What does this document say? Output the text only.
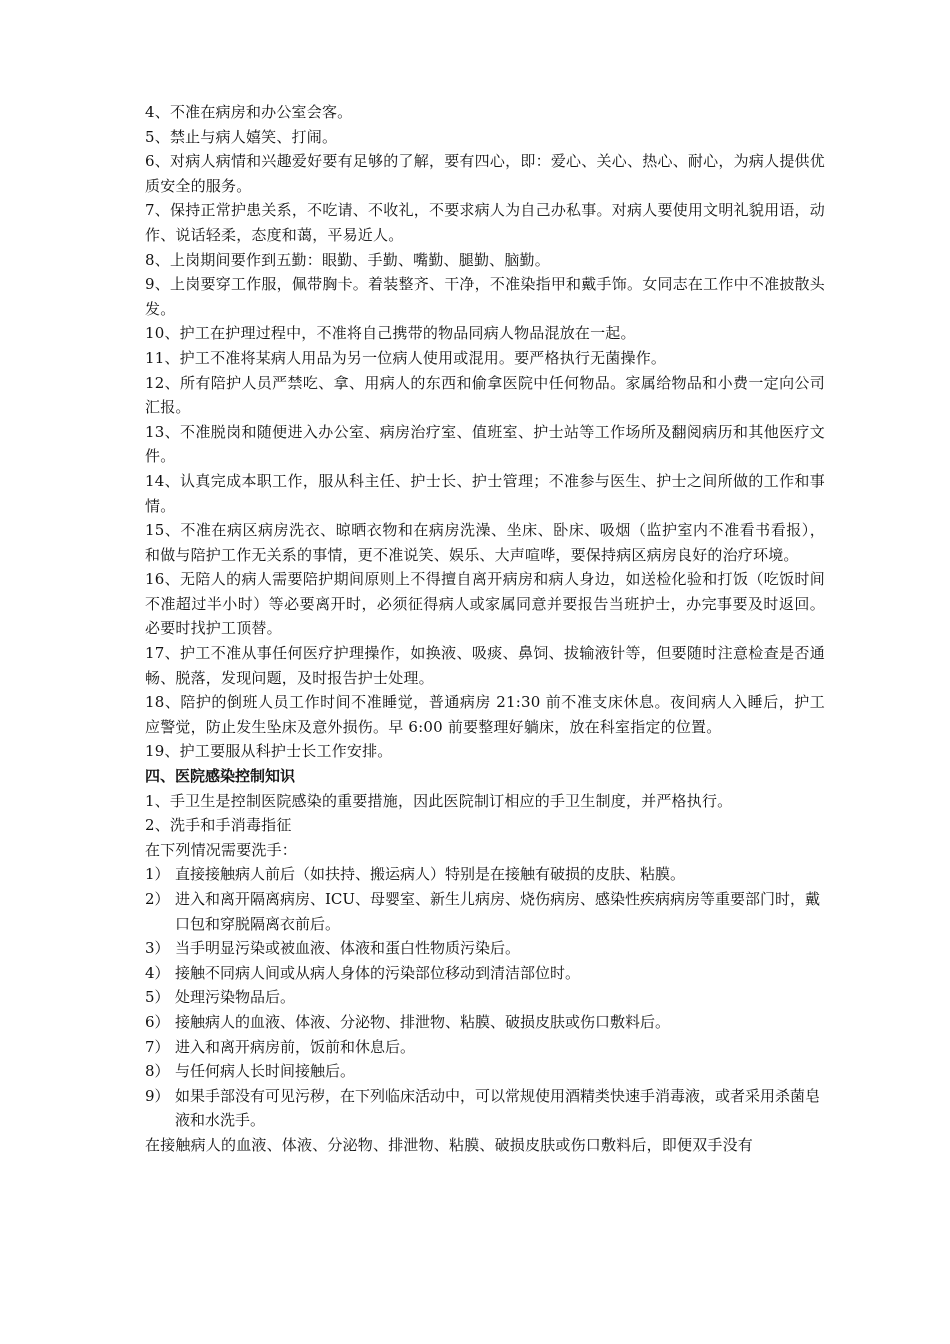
4、不准在病房和办公室会客。

5、禁止与病人嬉笑、打闹。

6、对病人病情和兴趣爱好要有足够的了解，要有四心，即：爱心、关心、热心、耐心，为病人提供优质安全的服务。

7、保持正常护患关系，不吃请、不收礼，不要求病人为自己办私事。对病人要使用文明礼貌用语，动作、说话轻柔，态度和蔼，平易近人。

8、上岗期间要作到五勤：眼勤、手勤、嘴勤、腿勤、脑勤。

9、上岗要穿工作服，佩带胸卡。着装整齐、干净，不准染指甲和戴手饰。女同志在工作中不准披散头发。

10、护工在护理过程中，不准将自己携带的物品同病人物品混放在一起。

11、护工不准将某病人用品为另一位病人使用或混用。要严格执行无菌操作。

12、所有陪护人员严禁吃、拿、用病人的东西和偷拿医院中任何物品。家属给物品和小费一定向公司汇报。

13、不准脱岗和随便进入办公室、病房治疗室、值班室、护士站等工作场所及翻阅病历和其他医疗文件。

14、认真完成本职工作，服从科主任、护士长、护士管理；不准参与医生、护士之间所做的工作和事情。

15、不准在病区病房洗衣、晾晒衣物和在病房洗澡、坐床、卧床、吸烟（监护室内不准看书看报），和做与陪护工作无关系的事情，更不准说笑、娱乐、大声喧哗，要保持病区病房良好的治疗环境。

16、无陪人的病人需要陪护期间原则上不得擅自离开病房和病人身边，如送检化验和打饭（吃饭时间不准超过半小时）等必要离开时，必须征得病人或家属同意并要报告当班护士，办完事要及时返回。必要时找护工顶替。

17、护工不准从事任何医疗护理操作，如换液、吸痰、鼻饲、拔输液针等，但要随时注意检查是否通畅、脱落，发现问题，及时报告护士处理。

18、陪护的倒班人员工作时间不准睡觉，普通病房 21:30 前不准支床休息。夜间病人入睡后，护工应警觉，防止发生坠床及意外损伤。早 6:00 前要整理好躺床，放在科室指定的位置。

19、护工要服从科护士长工作安排。

四、医院感染控制知识

1、手卫生是控制医院感染的重要措施，因此医院制订相应的手卫生制度，并严格执行。

2、洗手和手消毒指征

在下列情况需要洗手：

1） 直接接触病人前后（如扶持、搬运病人）特别是在接触有破损的皮肤、粘膜。
2） 进入和离开隔离病房、ICU、母婴室、新生儿病房、烧伤病房、感染性疾病病房等重要部门时，戴口包和穿脱隔离衣前后。
3） 当手明显污染或被血液、体液和蛋白性物质污染后。
4） 接触不同病人间或从病人身体的污染部位移动到清洁部位时。
5） 处理污染物品后。
6） 接触病人的血液、体液、分泌物、排泄物、粘膜、破损皮肤或伤口敷料后。
7） 进入和离开病房前，饭前和休息后。
8） 与任何病人长时间接触后。
9） 如果手部没有可见污秽，在下列临床活动中，可以常规使用酒精类快速手消毒液，或者采用杀菌皂液和水洗手。

在接触病人的血液、体液、分泌物、排泄物、粘膜、破损皮肤或伤口敷料后，即便双手没有
